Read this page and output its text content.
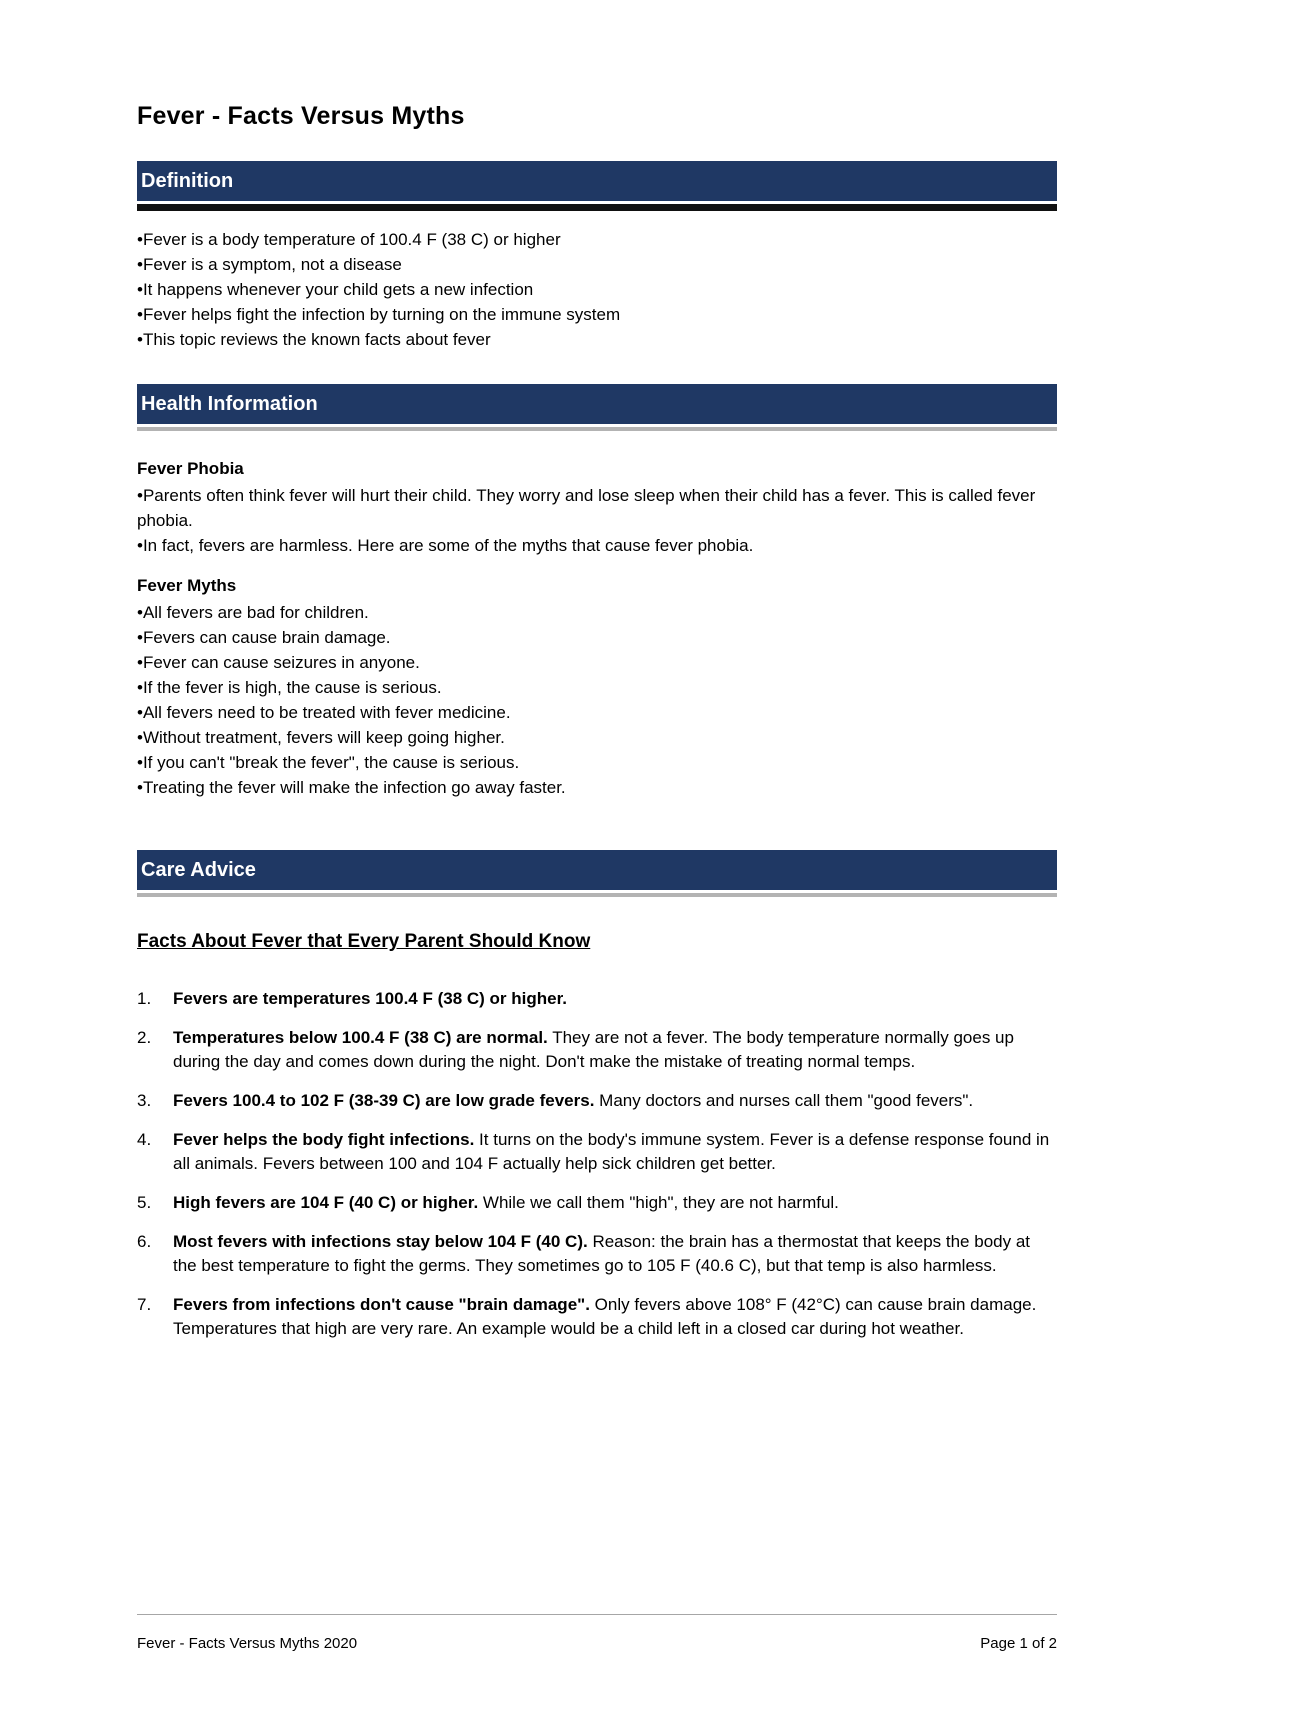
Fever - Facts Versus Myths
Definition
• Fever is a body temperature of 100.4 F (38 C) or higher
• Fever is a symptom, not a disease
• It happens whenever your child gets a new infection
• Fever helps fight the infection by turning on the immune system
• This topic reviews the known facts about fever
Health Information
Fever Phobia
• Parents often think fever will hurt their child. They worry and lose sleep when their child has a fever. This is called fever phobia.
• In fact, fevers are harmless. Here are some of the myths that cause fever phobia.
Fever Myths
• All fevers are bad for children.
• Fevers can cause brain damage.
• Fever can cause seizures in anyone.
• If the fever is high, the cause is serious.
• All fevers need to be treated with fever medicine.
• Without treatment, fevers will keep going higher.
• If you can't "break the fever", the cause is serious.
• Treating the fever will make the infection go away faster.
Care Advice
Facts About Fever that Every Parent Should Know
1.	Fevers are temperatures 100.4 F (38 C) or higher.
2.	Temperatures below 100.4 F (38 C) are normal. They are not a fever. The body temperature normally goes up during the day and comes down during the night. Don't make the mistake of treating normal temps.
3.	Fevers 100.4 to 102 F (38-39 C) are low grade fevers. Many doctors and nurses call them "good fevers".
4.	Fever helps the body fight infections. It turns on the body's immune system. Fever is a defense response found in all animals. Fevers between 100 and 104 F actually help sick children get better.
5.	High fevers are 104 F (40 C) or higher. While we call them "high", they are not harmful.
6.	Most fevers with infections stay below 104 F (40 C). Reason: the brain has a thermostat that keeps the body at the best temperature to fight the germs. They sometimes go to 105 F (40.6 C), but that temp is also harmless.
7.	Fevers from infections don't cause "brain damage". Only fevers above 108° F (42°C) can cause brain damage. Temperatures that high are very rare. An example would be a child left in a closed car during hot weather.
Fever - Facts Versus Myths 2020	Page 1 of 2
